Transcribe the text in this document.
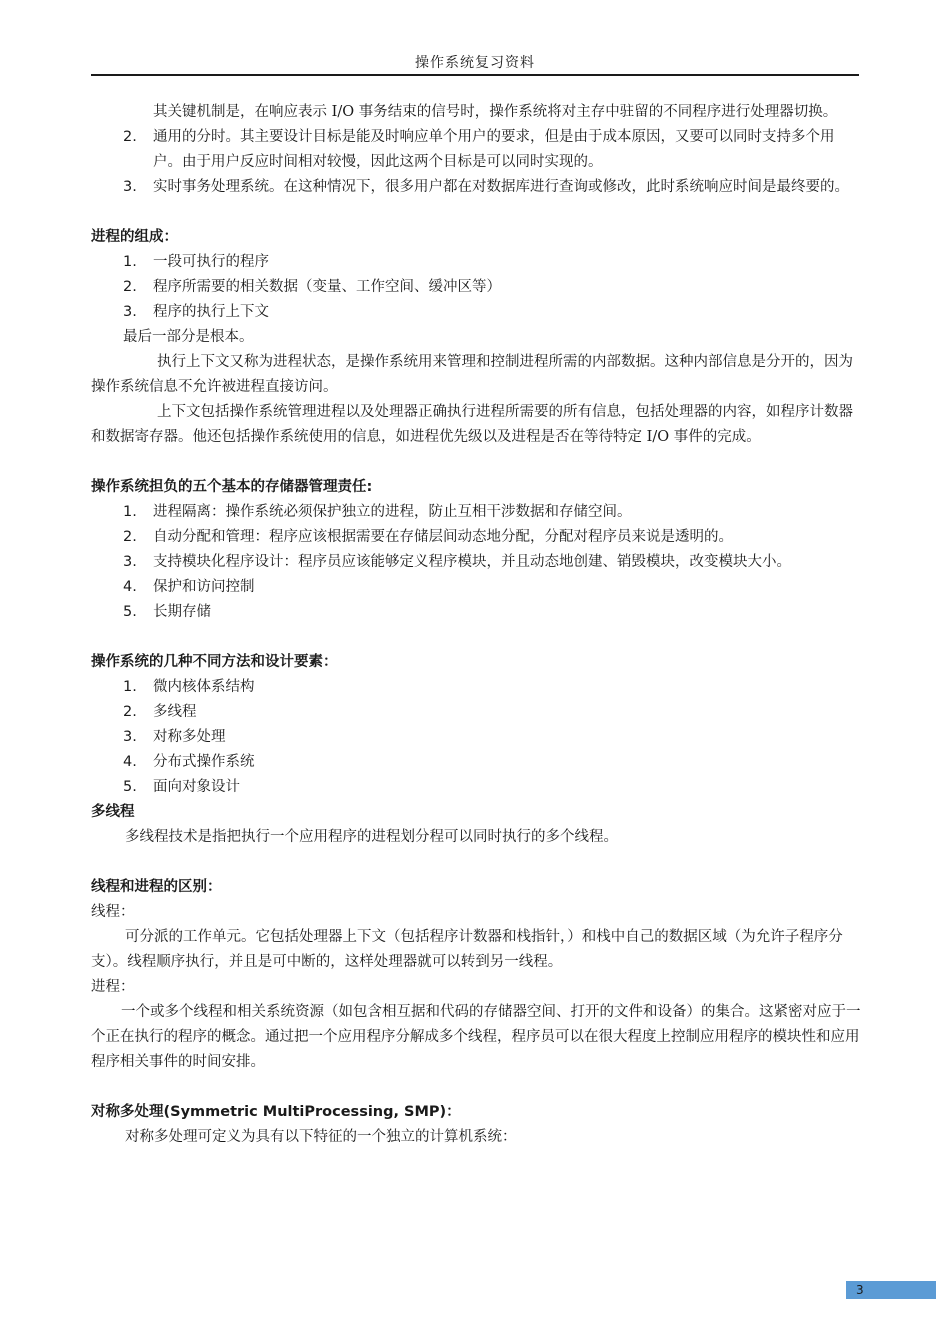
操作系统复习资料

其关键机制是，在响应表示 I/O 事务结束的信号时，操作系统将对主存中驻留的不同程序进行处理器切换。

2.	通用的分时。其主要设计目标是能及时响应单个用户的要求，但是由于成本原因，又要可以同时支持多个用户。由于用户反应时间相对较慢，因此这两个目标是可以同时实现的。
3.	实时事务处理系统。在这种情况下，很多用户都在对数据库进行查询或修改，此时系统响应时间是最终要的。

进程的组成：

1.	一段可执行的程序
2.	程序所需要的相关数据（变量、工作空间、缓冲区等）
3.	程序的执行上下文

最后一部分是根本。

执行上下文又称为进程状态，是操作系统用来管理和控制进程所需的内部数据。这种内部信息是分开的，因为操作系统信息不允许被进程直接访问。

上下文包括操作系统管理进程以及处理器正确执行进程所需要的所有信息，包括处理器的内容，如程序计数器和数据寄存器。他还包括操作系统使用的信息，如进程优先级以及进程是否在等待特定 I/O 事件的完成。

操作系统担负的五个基本的存储器管理责任:

1.	进程隔离：操作系统必须保护独立的进程，防止互相干涉数据和存储空间。
2.	自动分配和管理：程序应该根据需要在存储层间动态地分配，分配对程序员来说是透明的。
3.	支持模块化程序设计：程序员应该能够定义程序模块，并且动态地创建、销毁模块，改变模块大小。
4.	保护和访问控制
5.	长期存储

操作系统的几种不同方法和设计要素：

1.	微内核体系结构
2.	多线程
3.	对称多处理
4.	分布式操作系统
5.	面向对象设计

多线程

多线程技术是指把执行一个应用程序的进程划分程可以同时执行的多个线程。

线程和进程的区别：

线程：

可分派的工作单元。它包括处理器上下文（包括程序计数器和栈指针，）和栈中自己的数据区域（为允许子程序分支）。线程顺序执行，并且是可中断的，这样处理器就可以转到另一线程。

进程：

一个或多个线程和相关系统资源（如包含相互据和代码的存储器空间、打开的文件和设备）的集合。这紧密对应于一个正在执行的程序的概念。通过把一个应用程序分解成多个线程，程序员可以在很大程度上控制应用程序的模块性和应用程序相关事件的时间安排。

对称多处理(Symmetric MultiProcessing, SMP)：

对称多处理可定义为具有以下特征的一个独立的计算机系统：

3
